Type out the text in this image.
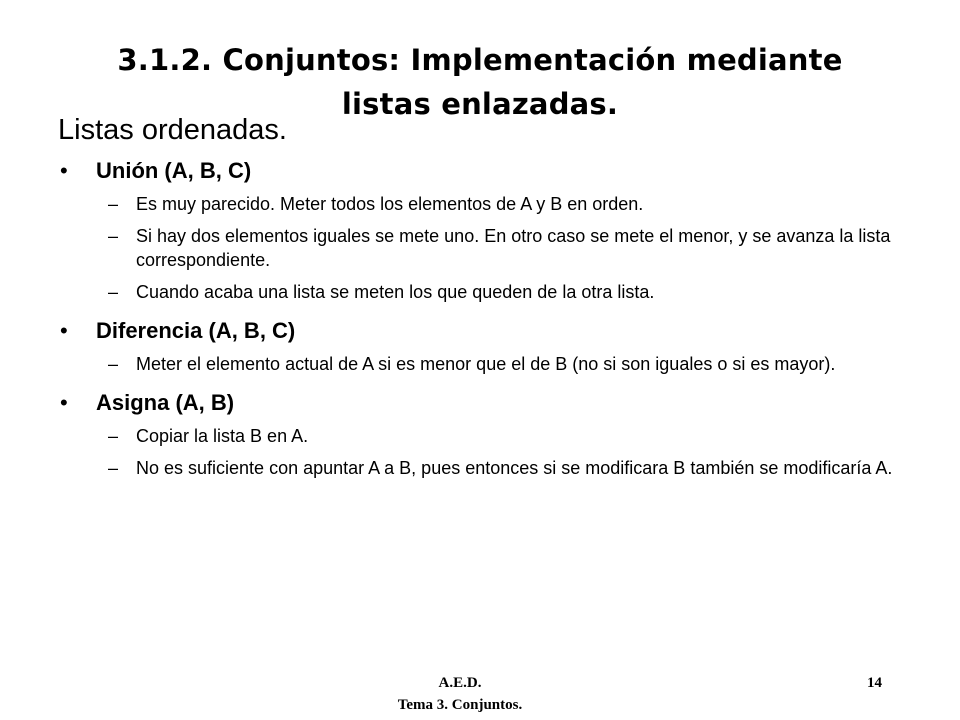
3.1.2. Conjuntos: Implementación mediante
listas enlazadas.
Listas ordenadas.
• Unión (A, B, C)
– Es muy parecido. Meter todos los elementos de A y B en orden.
– Si hay dos elementos iguales se mete uno. En otro caso se mete el menor, y se avanza la lista correspondiente.
– Cuando acaba una lista se meten los que queden de la otra lista.
• Diferencia (A, B, C)
– Meter el elemento actual de A si es menor que el de B (no si son iguales o si es mayor).
• Asigna (A, B)
– Copiar la lista B en A.
– No es suficiente con apuntar A a B, pues entonces si se modificara B también se modificaría A.
A.E.D.
Tema 3. Conjuntos.
14
